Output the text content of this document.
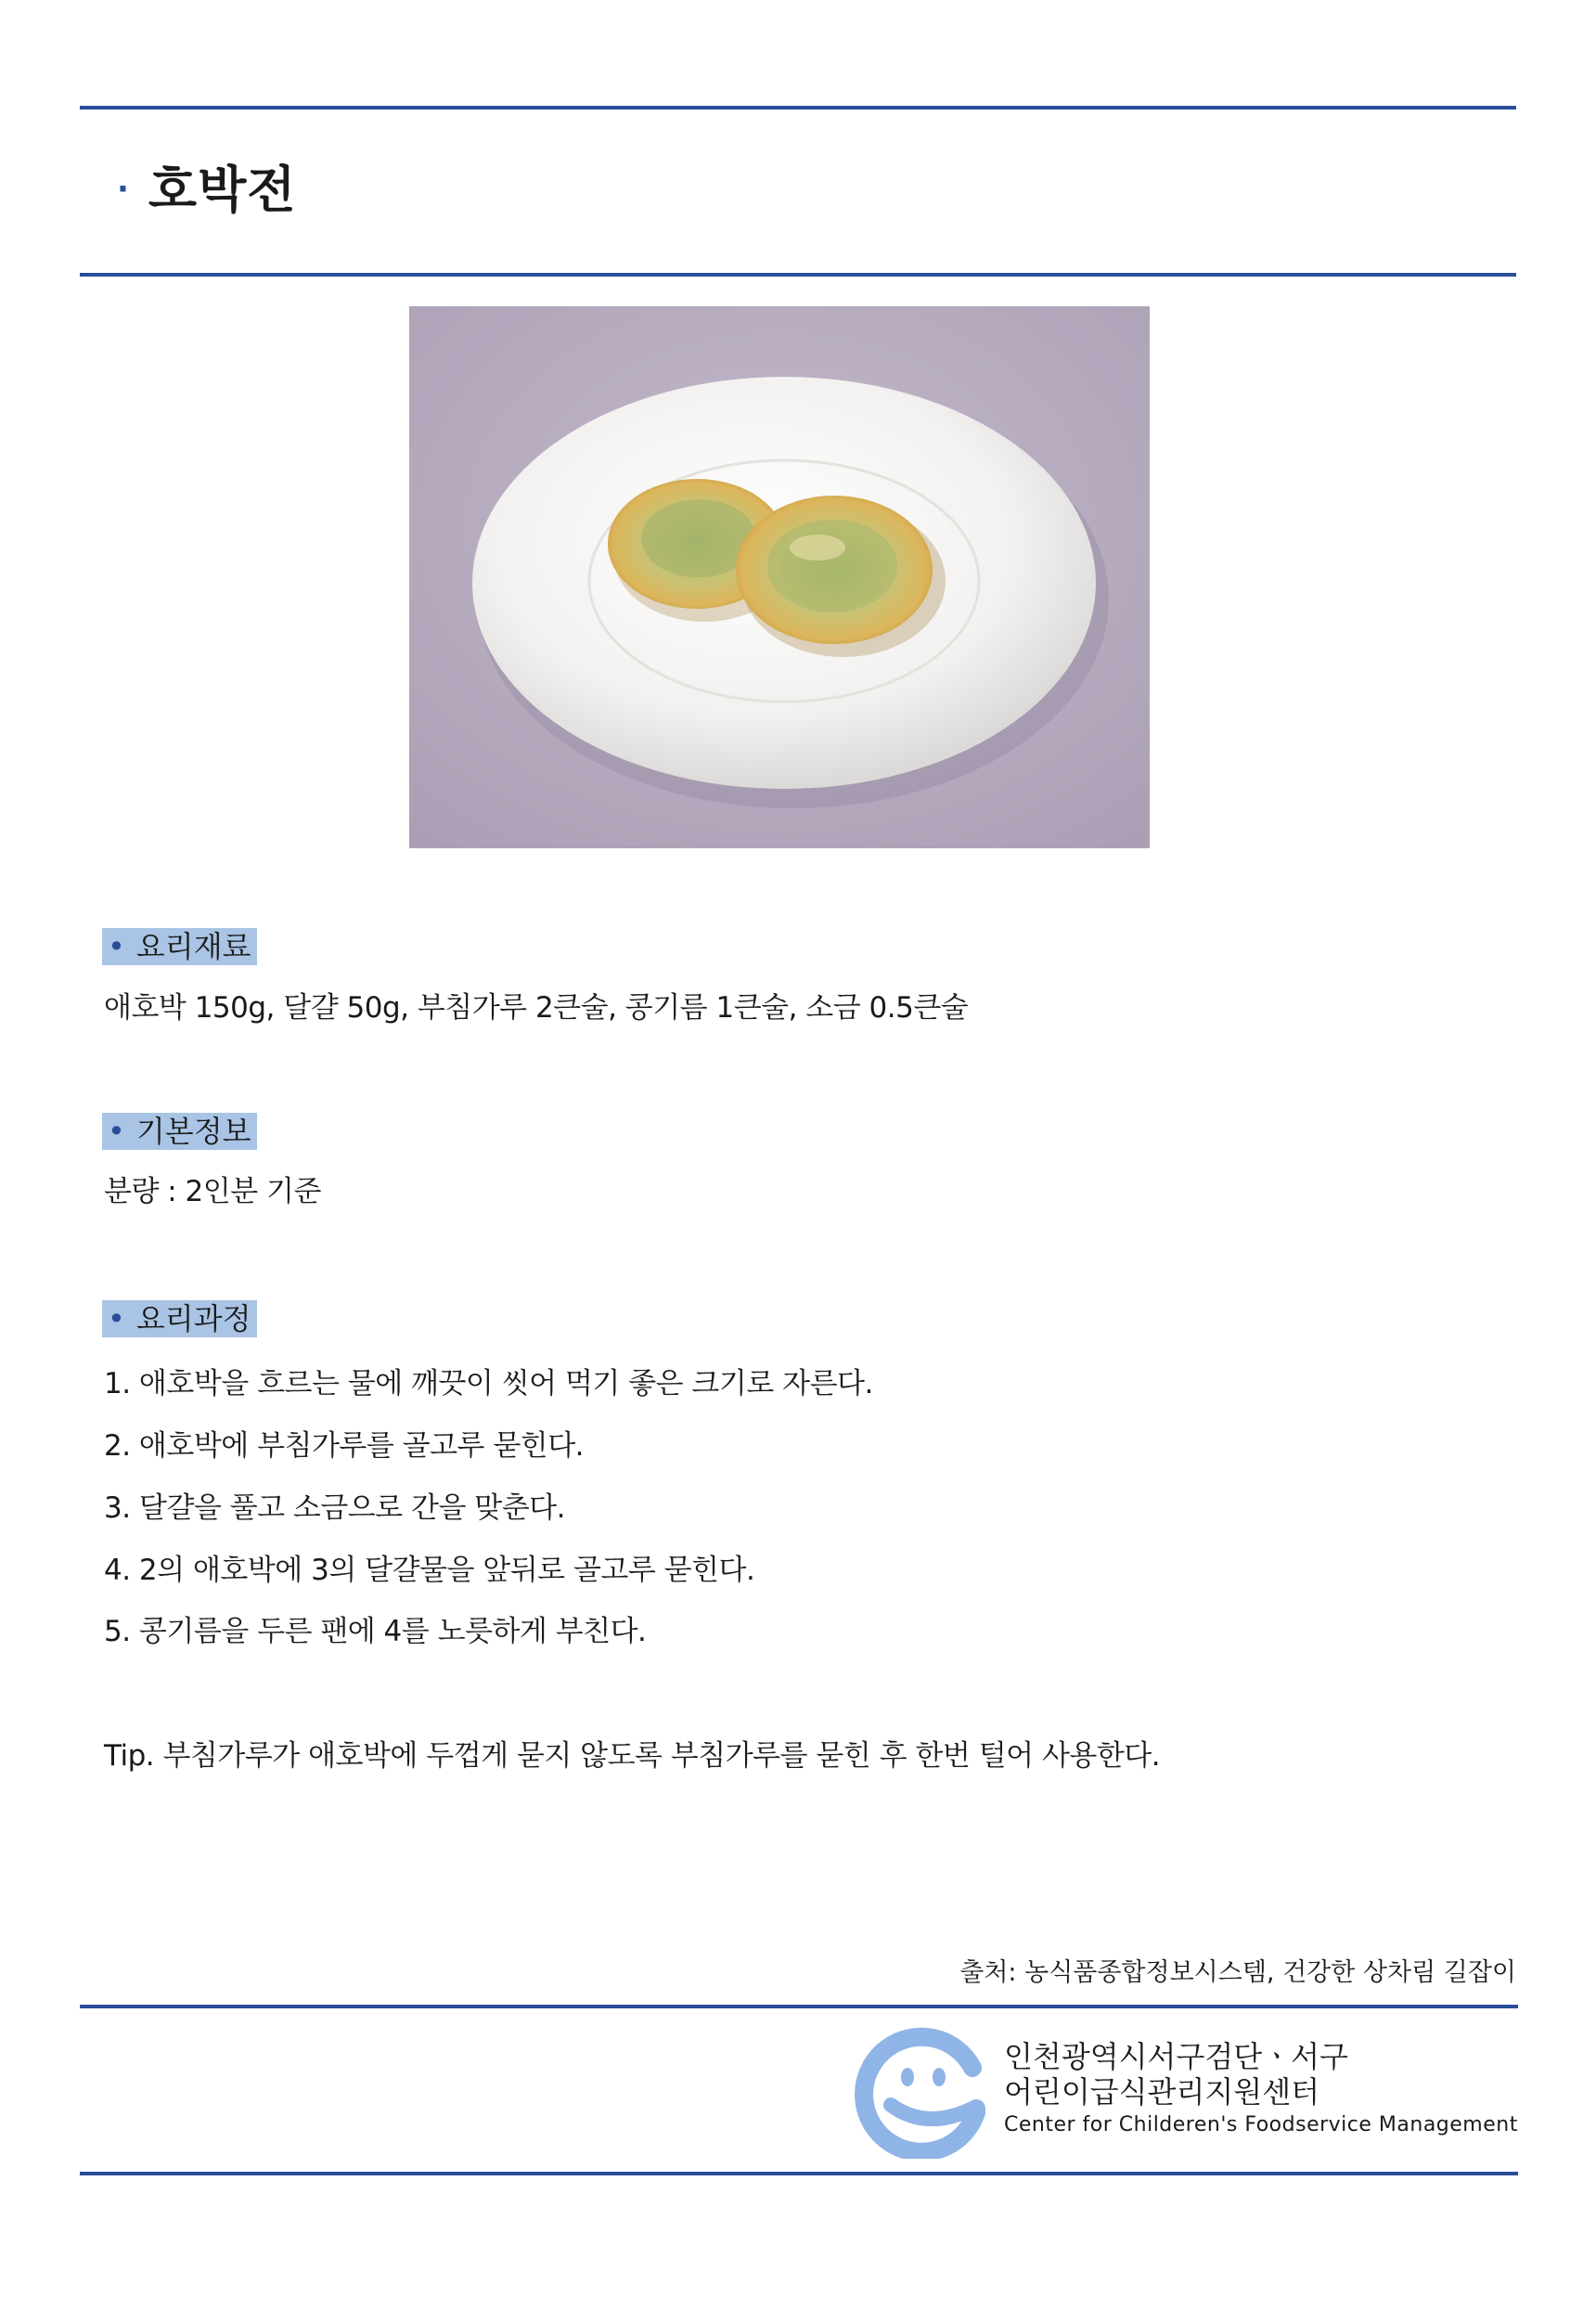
· 호박전
• 요리재료
애호박 150g, 달걀 50g, 부침가루 2큰술, 콩기름 1큰술, 소금 0.5큰술
• 기본정보
분량 : 2인분 기준
• 요리과정
1. 애호박을 흐르는 물에 깨끗이 씻어 먹기 좋은 크기로 자른다.
2. 애호박에 부침가루를 골고루 묻힌다.
3. 달걀을 풀고 소금으로 간을 맞춘다.
4. 2의 애호박에 3의 달걀물을 앞뒤로 골고루 묻힌다.
5. 콩기름을 두른 팬에 4를 노릇하게 부친다.
Tip. 부침가루가 애호박에 두껍게 묻지 않도록 부침가루를 묻힌 후 한번 털어 사용한다.
출처: 농식품종합정보시스템, 건강한 상차림 길잡이
인천광역시서구검단ㆍ서구
어린이급식관리지원센터
Center for Childeren's Foodservice Management
